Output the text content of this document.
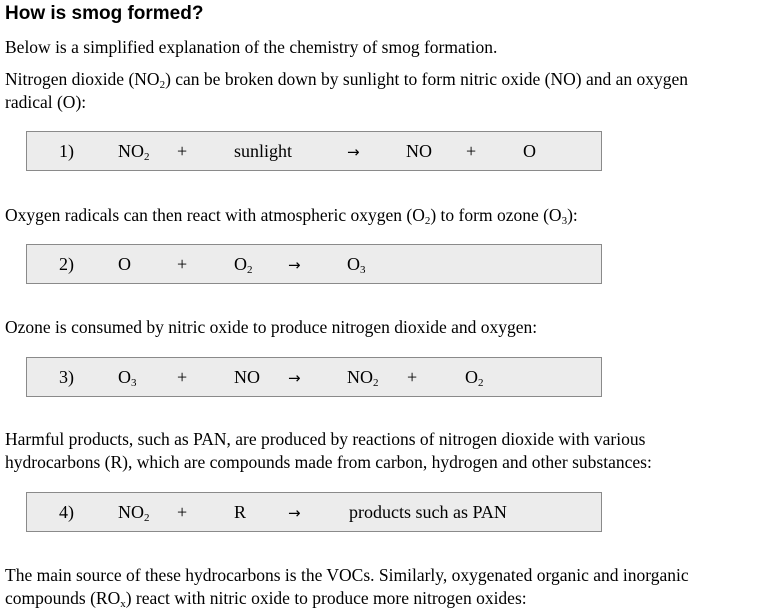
How is smog formed?
Below is a simplified explanation of the chemistry of smog formation.
Nitrogen dioxide $(NO_2)$ can be broken down by sunlight to form nitric oxide (NO) and an oxygen
radical (O):
1) $NO_2$ +	sunlight	→	NO +	O
Oxygen radicals can then react with atmospheric oxygen $(O_2)$ to form ozone $(O_3)$:
2) O	+	$O_2$ →	$O_3$
Ozone is consumed by nitric oxide to produce nitrogen dioxide and oxygen:
3) $O_3$ +	NO →	$NO_2$ +	$O_2$
Harmful products, such as PAN, are produced by reactions of nitrogen dioxide with various
hydrocarbons (R), which are compounds made from carbon, hydrogen and other substances:
4) $NO_2$ +	R	→	products such as PAN
The main source of these hydrocarbons is the VOCs. Similarly, oxygenated organic and inorganic
compounds $(RO_x)$ react with nitric oxide to produce more nitrogen oxides:
